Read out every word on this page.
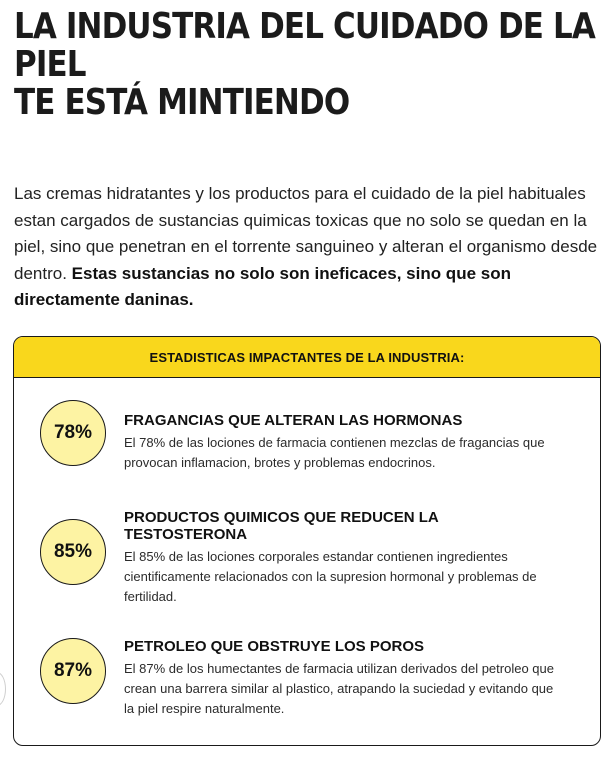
LA INDUSTRIA DEL CUIDADO DE LA
PIEL
TE ESTÁ MINTIENDO

Las cremas hidratantes y los productos para el cuidado de la piel habituales estan cargados de sustancias quimicas toxicas que no solo se quedan en la piel, sino que penetran en el torrente sanguineo y alteran el organismo desde dentro. Estas sustancias no solo son ineficaces, sino que son directamente daninas.

ESTADISTICAS IMPACTANTES DE LA INDUSTRIA:
78%
FRAGANCIAS QUE ALTERAN LAS HORMONAS

El 78% de las lociones de farmacia contienen mezclas de fragancias que provocan inflamacion, brotes y problemas endocrinos.

85%
PRODUCTOS QUIMICOS QUE REDUCEN LA TESTOSTERONA

El 85% de las lociones corporales estandar contienen ingredientes cientificamente relacionados con la supresion hormonal y problemas de fertilidad.

87%
PETROLEO QUE OBSTRUYE LOS POROS

El 87% de los humectantes de farmacia utilizan derivados del petroleo que crean una barrera similar al plastico, atrapando la suciedad y evitando que la piel respire naturalmente.
